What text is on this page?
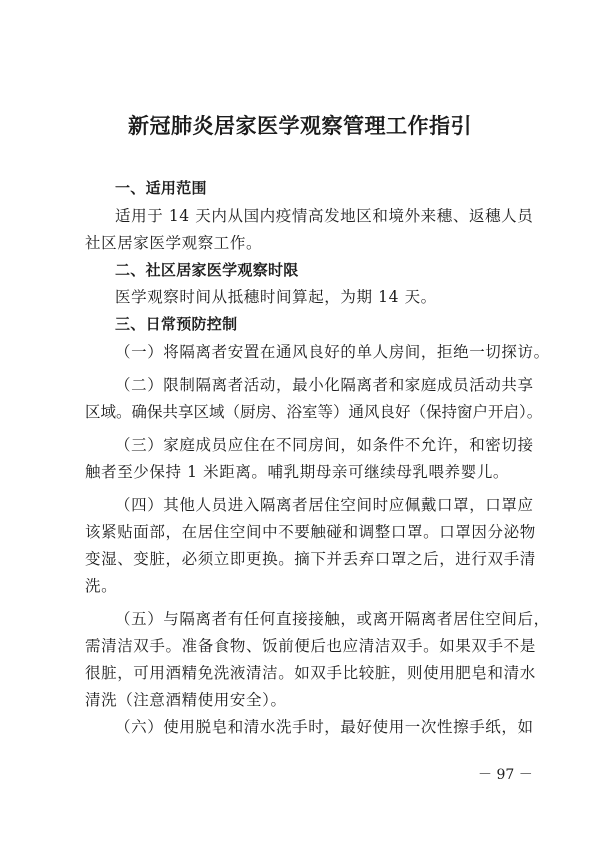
新冠肺炎居家医学观察管理工作指引
一、适用范围
适用于 14 天内从国内疫情高发地区和境外来穗、返穗人员
社区居家医学观察工作。
二、社区居家医学观察时限
医学观察时间从抵穗时间算起，为期 14 天。
三、日常预防控制
（一）将隔离者安置在通风良好的单人房间，拒绝一切探访。
（二）限制隔离者活动，最小化隔离者和家庭成员活动共享
区域。确保共享区域（厨房、浴室等）通风良好（保持窗户开启）。
（三）家庭成员应住在不同房间，如条件不允许，和密切接
触者至少保持 1 米距离。哺乳期母亲可继续母乳喂养婴儿。
（四）其他人员进入隔离者居住空间时应佩戴口罩，口罩应
该紧贴面部，在居住空间中不要触碰和调整口罩。口罩因分泌物
变湿、变脏，必须立即更换。摘下并丢弃口罩之后，进行双手清
洗。
（五）与隔离者有任何直接接触，或离开隔离者居住空间后，
需清洁双手。准备食物、饭前便后也应清洁双手。如果双手不是
很脏，可用酒精免洗液清洁。如双手比较脏，则使用肥皂和清水
清洗（注意酒精使用安全）。
（六）使用脱皂和清水洗手时，最好使用一次性擦手纸，如
－ 97 －
